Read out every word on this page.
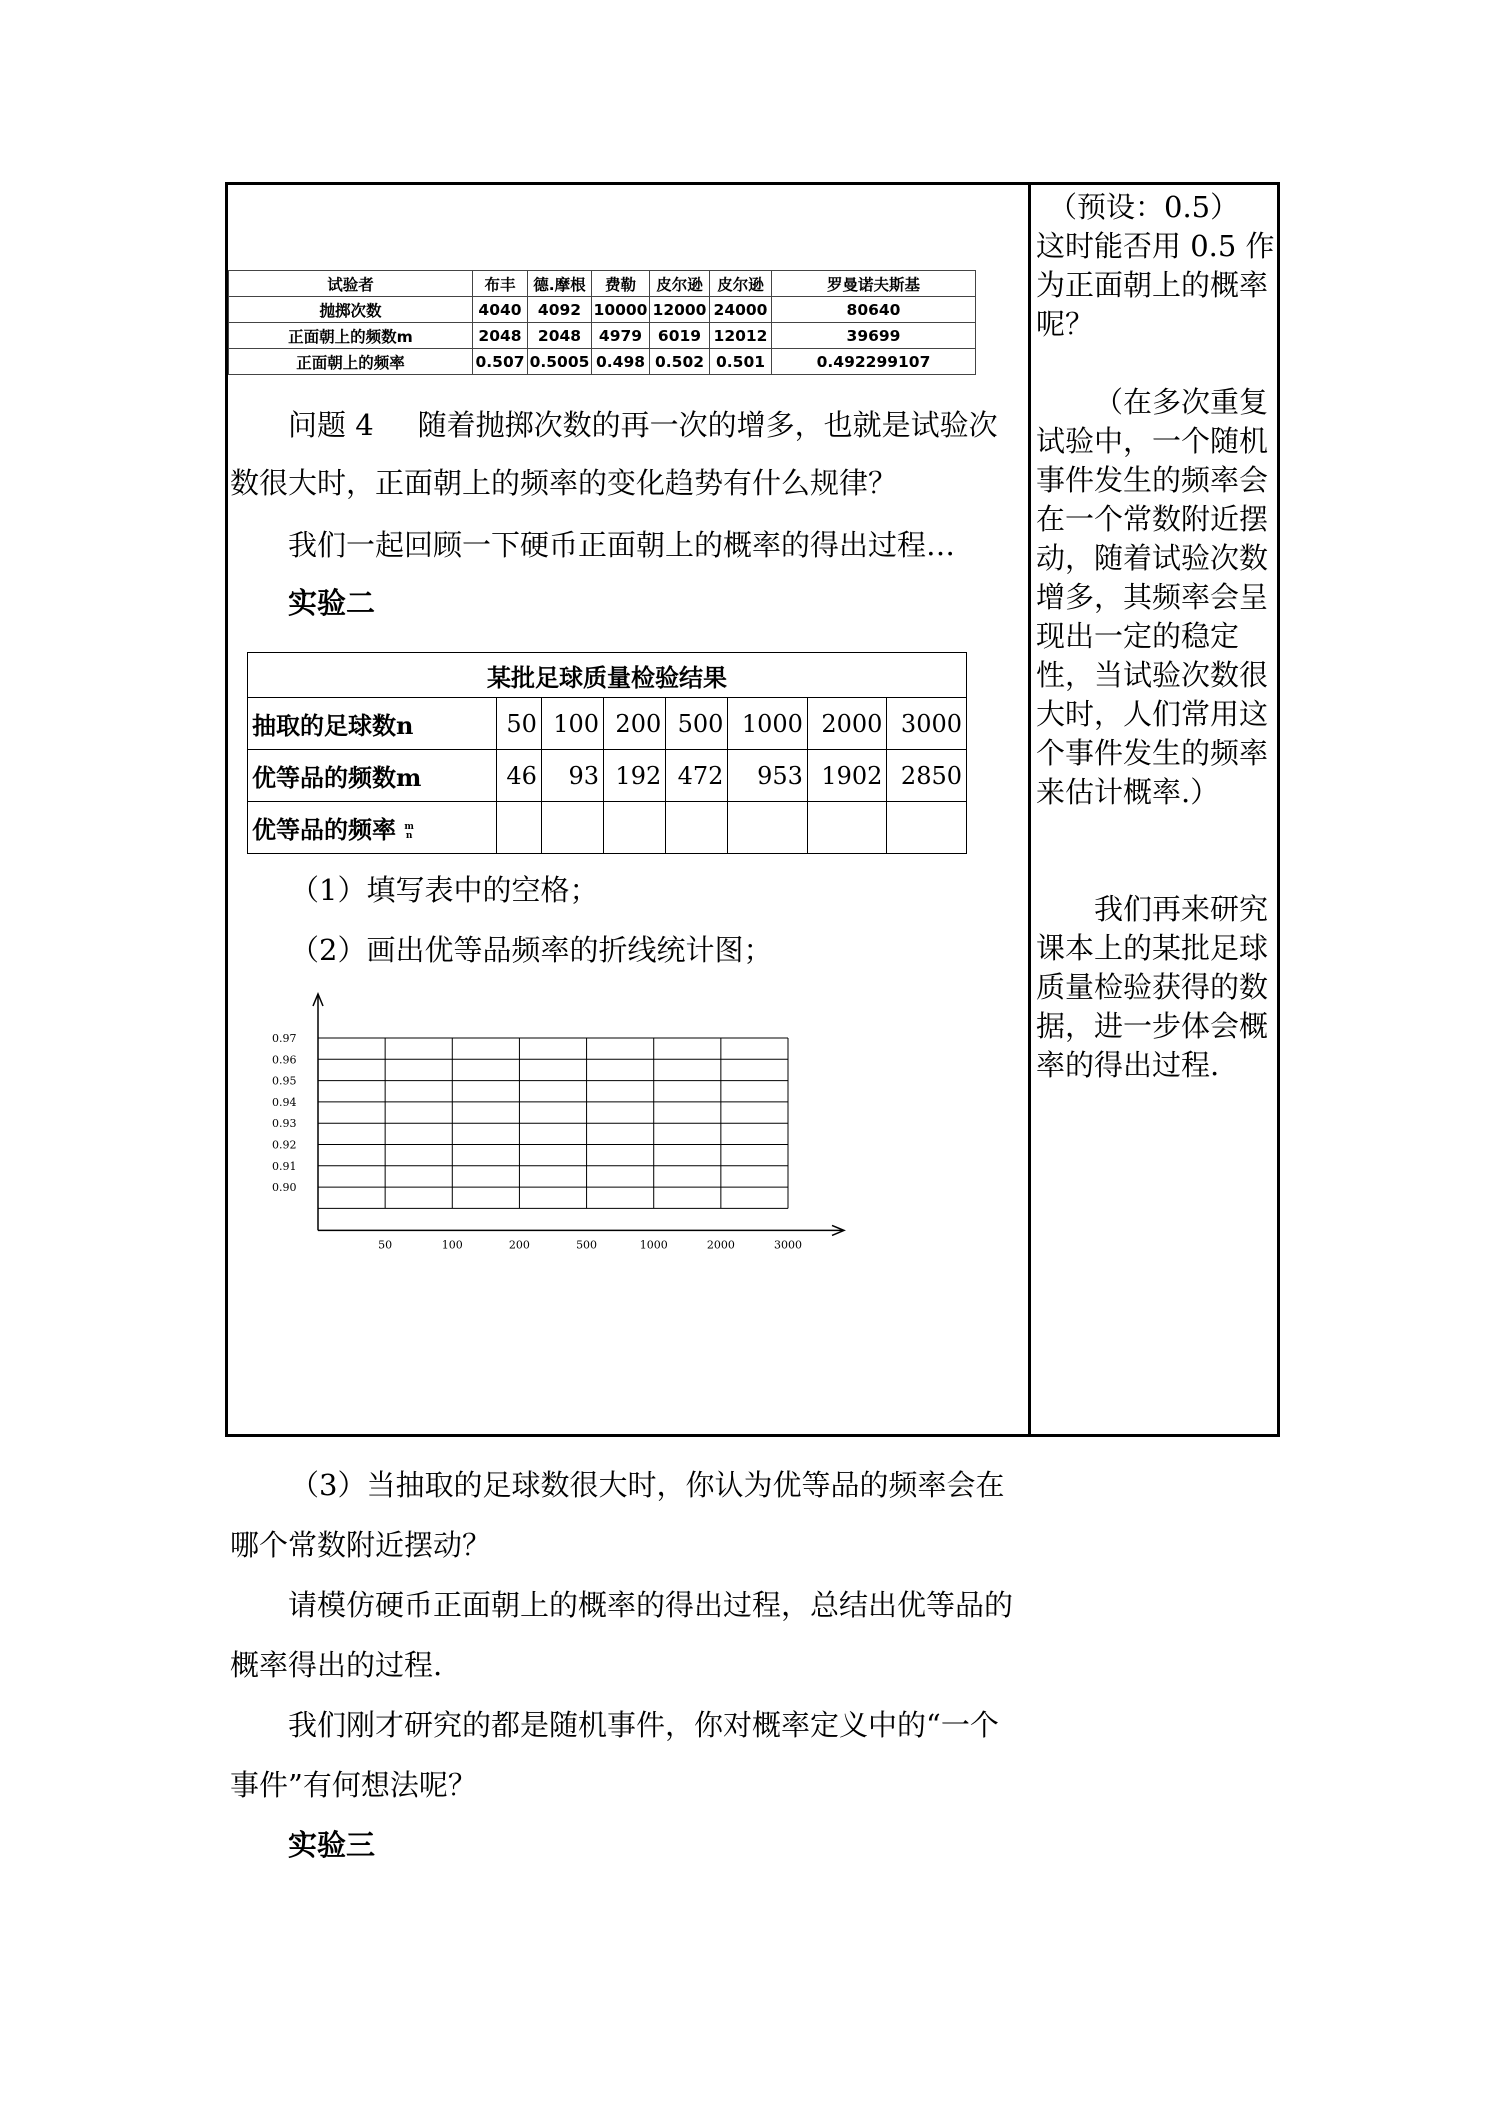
试验者	布丰	德.摩根	费勒	皮尔逊	皮尔逊	罗曼诺夫斯基
抛掷次数	4040	4092	10000	12000	24000	80640
正面朝上的频数m	2048	2048	4979	6019	12012	39699
正面朝上的频率	0.507	0.5005	0.498	0.502	0.501	0.492299107
问题 4 随着抛掷次数的再一次的增多，也就是试验次
数很大时，正面朝上的频率的变化趋势有什么规律？
我们一起回顾一下硬币正面朝上的概率的得出过程…
实验二
某批足球质量检验结果							
抽取的足球数n	50	100	200	500	1000	2000	3000
优等品的频数m	46	93	192	472	953	1902	2850
优等品的频率 m
n							
（1）填写表中的空格；
（2）画出优等品频率的折线统计图；
0.97
0.96
0.95
0.94
0.93
0.92
0.91
0.90
50	100	200	500	1000	2000	3000
（3）当抽取的足球数很大时，你认为优等品的频率会在
哪个常数附近摆动？
请模仿硬币正面朝上的概率的得出过程，总结出优等品的
概率得出的过程.
我们刚才研究的都是随机事件，你对概率定义中的“一个
事件”有何想法呢？
实验三

（预设：0.5）

这时能否用 0.5 作为正面朝上的概率呢？

（在多次重复试验中，一个随机事件发生的频率会在一个常数附近摆动，随着试验次数增多，其频率会呈现出一定的稳定性，当试验次数很大时，人们常用这个事件发生的频率来估计概率.）

我们再来研究课本上的某批足球质量检验获得的数据，进一步体会概率的得出过程.
